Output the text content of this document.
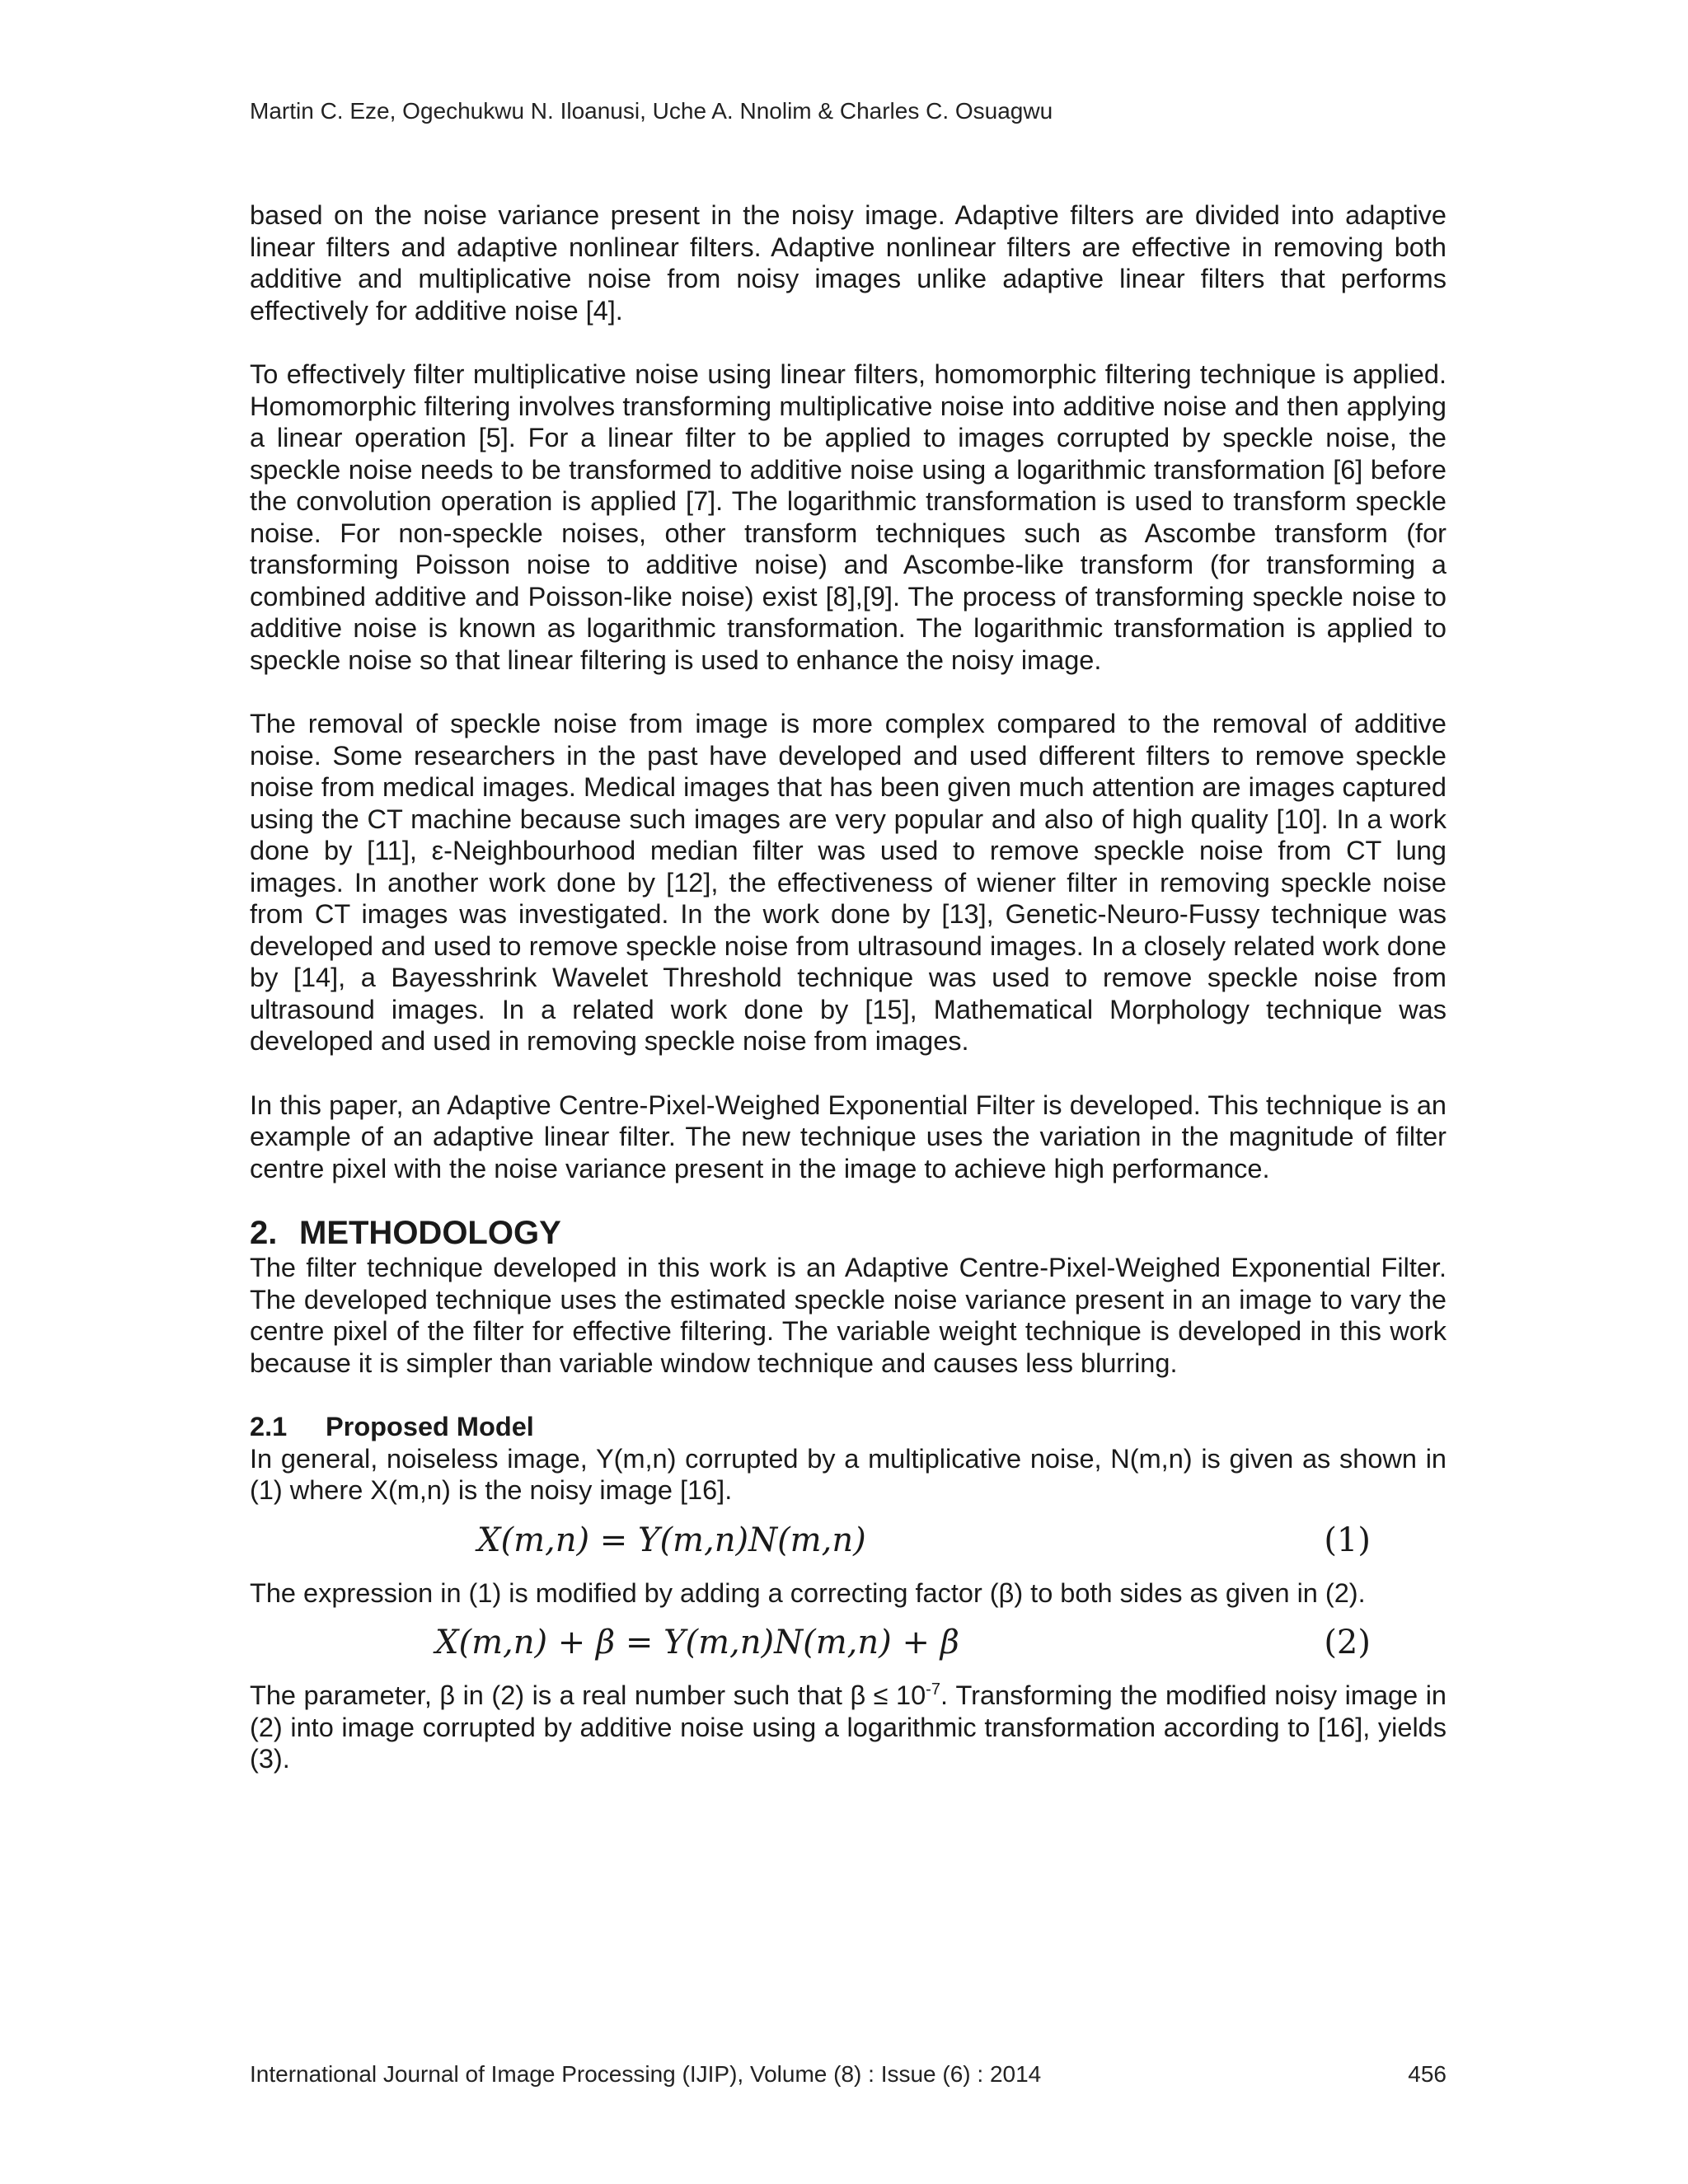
Martin C. Eze, Ogechukwu N. Iloanusi, Uche A. Nnolim & Charles C. Osuagwu

based on the noise variance present in the noisy image. Adaptive filters are divided into adaptive linear filters and adaptive nonlinear filters. Adaptive nonlinear filters are effective in removing both additive and multiplicative noise from noisy images unlike adaptive linear filters that performs effectively for additive noise [4].

To effectively filter multiplicative noise using linear filters, homomorphic filtering technique is applied. Homomorphic filtering involves transforming multiplicative noise into additive noise and then applying a linear operation [5]. For a linear filter to be applied to images corrupted by speckle noise, the speckle noise needs to be transformed to additive noise using a logarithmic transformation [6] before the convolution operation is applied [7]. The logarithmic transformation is used to transform speckle noise. For non-speckle noises, other transform techniques such as Ascombe transform (for transforming Poisson noise to additive noise) and Ascombe-like transform (for transforming a combined additive and Poisson-like noise) exist [8],[9]. The process of transforming speckle noise to additive noise is known as logarithmic transformation. The logarithmic transformation is applied to speckle noise so that linear filtering is used to enhance the noisy image.

The removal of speckle noise from image is more complex compared to the removal of additive noise. Some researchers in the past have developed and used different filters to remove speckle noise from medical images. Medical images that has been given much attention are images captured using the CT machine because such images are very popular and also of high quality [10]. In a work done by [11], ε-Neighbourhood median filter was used to remove speckle noise from CT lung images. In another work done by [12], the effectiveness of wiener filter in removing speckle noise from CT images was investigated. In the work done by [13], Genetic-Neuro-Fussy technique was developed and used to remove speckle noise from ultrasound images. In a closely related work done by [14], a Bayesshrink Wavelet Threshold technique was used to remove speckle noise from ultrasound images. In a related work done by [15], Mathematical Morphology technique was developed and used in removing speckle noise from images.

In this paper, an Adaptive Centre-Pixel-Weighed Exponential Filter is developed. This technique is an example of an adaptive linear filter. The new technique uses the variation in the magnitude of filter centre pixel with the noise variance present in the image to achieve high performance.

2. METHODOLOGY

The filter technique developed in this work is an Adaptive Centre-Pixel-Weighed Exponential Filter. The developed technique uses the estimated speckle noise variance present in an image to vary the centre pixel of the filter for effective filtering. The variable weight technique is developed in this work because it is simpler than variable window technique and causes less blurring.

2.1 Proposed Model

In general, noiseless image, Y(m,n) corrupted by a multiplicative noise, N(m,n) is given as shown in (1) where X(m,n) is the noisy image [16].

X(m,n) = Y(m,n)N(m,n)	(1)

The expression in (1) is modified by adding a correcting factor (β) to both sides as given in (2).

X(m,n) + β = Y(m,n)N(m,n) + β	(2)

The parameter, β in (2) is a real number such that $\beta \le 10^{-7}$. Transforming the modified noisy image in (2) into image corrupted by additive noise using a logarithmic transformation according to [16], yields (3).

International Journal of Image Processing (IJIP), Volume (8) : Issue (6) : 2014	456
